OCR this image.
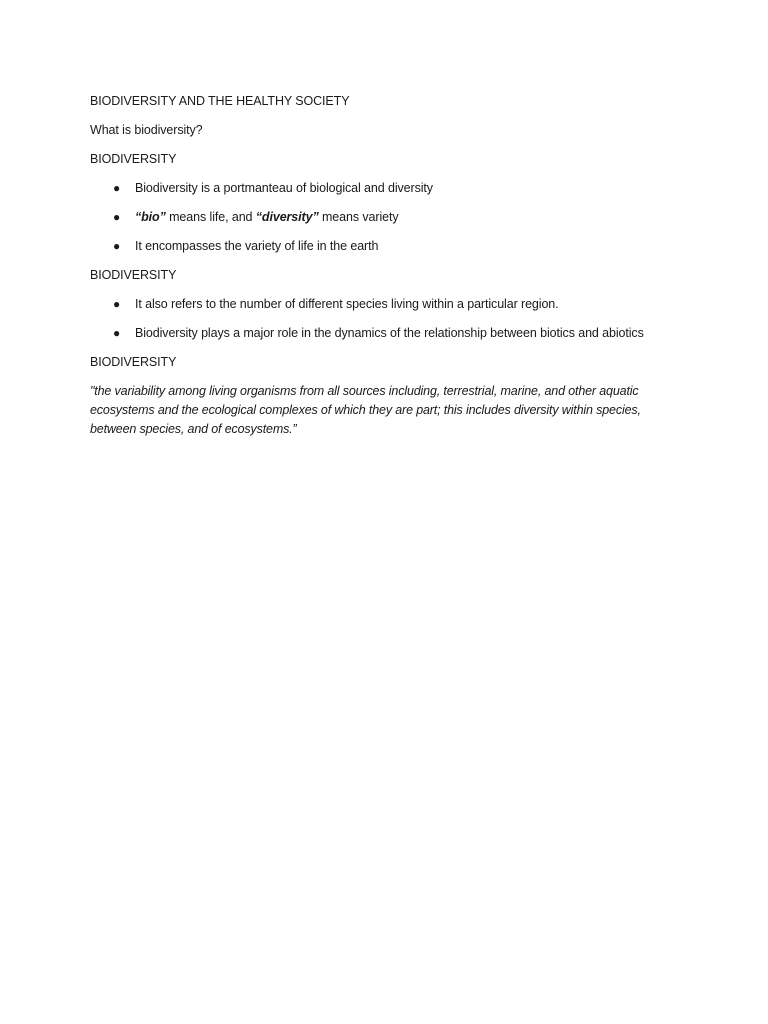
BIODIVERSITY AND THE HEALTHY SOCIETY

What is biodiversity?

BIODIVERSITY

● Biodiversity is a portmanteau of biological and diversity
● “bio” means life, and “diversity” means variety
● It encompasses the variety of life in the earth

BIODIVERSITY

● It also refers to the number of different species living within a particular region.
● Biodiversity plays a major role in the dynamics of the relationship between biotics and abiotics

BIODIVERSITY

"the variability among living organisms from all sources including, terrestrial, marine, and other aquatic ecosystems and the ecological complexes of which they are part; this includes diversity within species, between species, and of ecosystems.”
